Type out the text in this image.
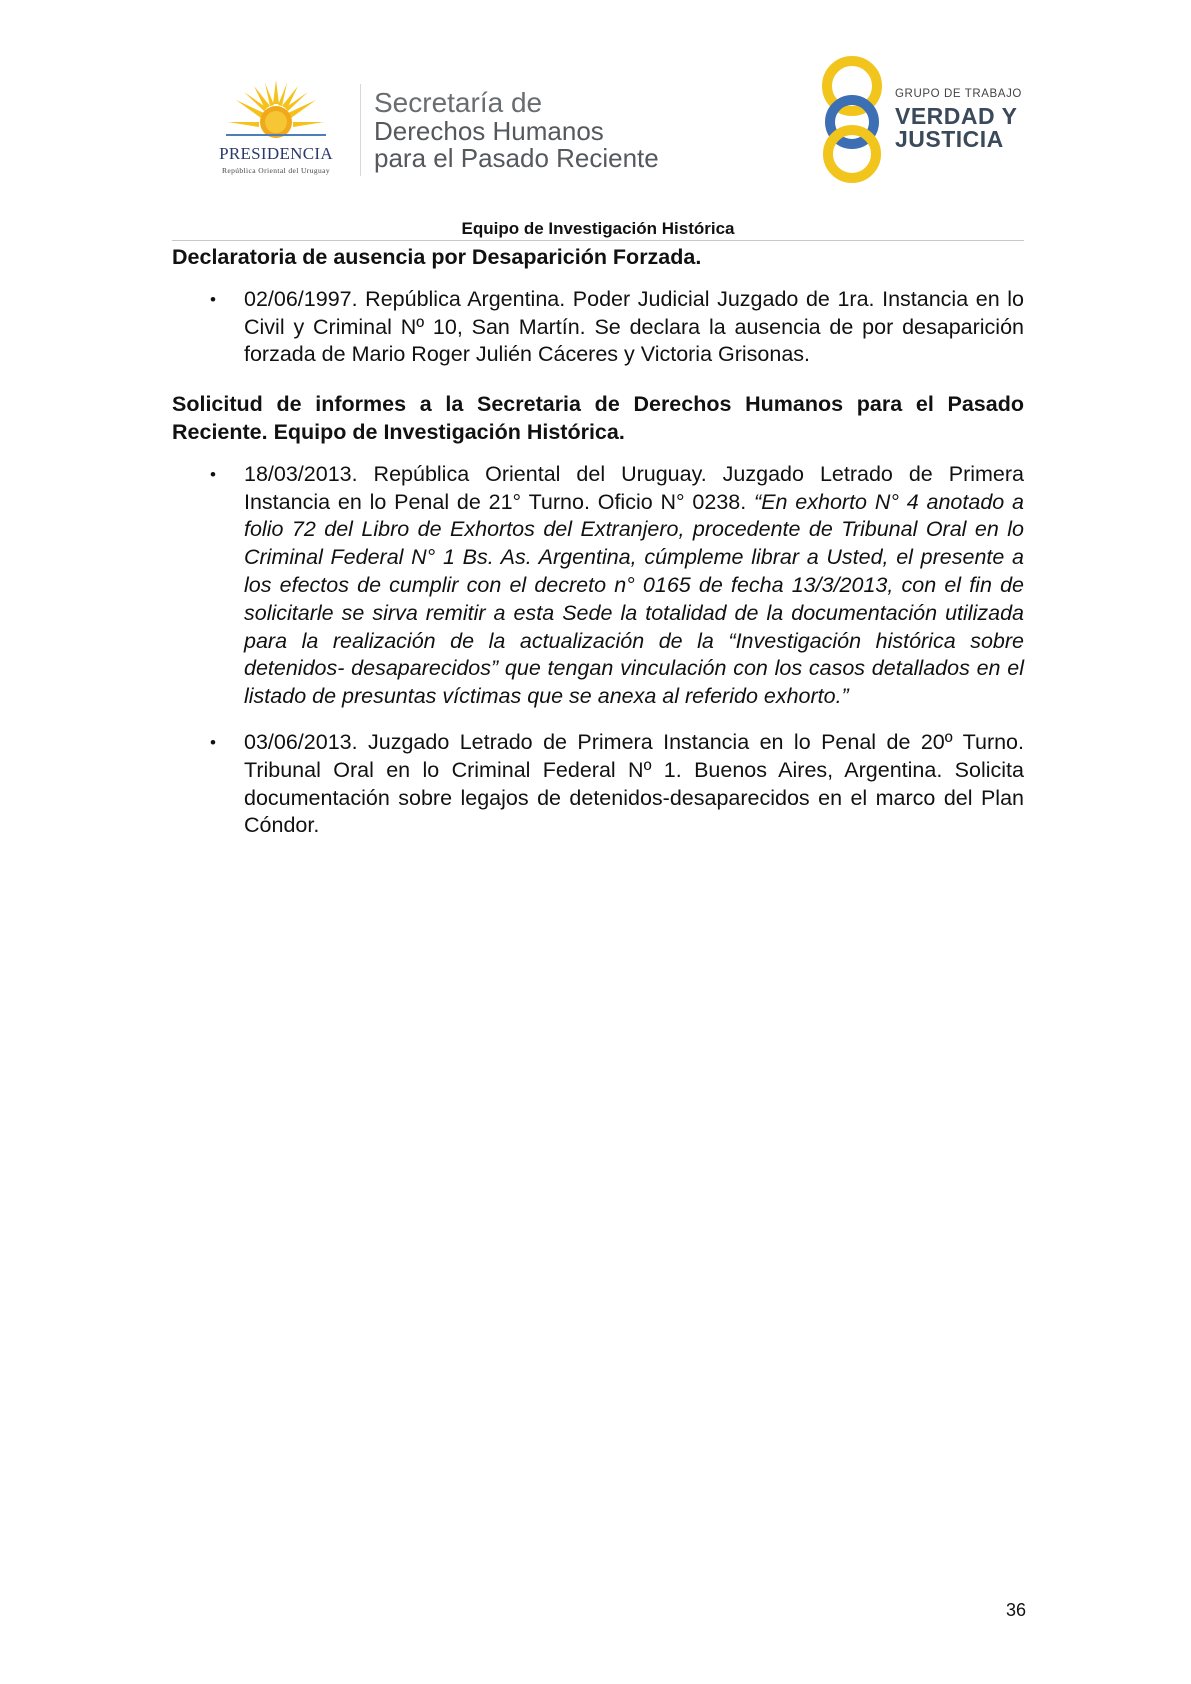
PRESIDENCIA
República Oriental del Uruguay
Secretaría de
Derechos Humanos
para el Pasado Reciente
GRUPO DE TRABAJO
VERDAD Y
JUSTICIA
Equipo de Investigación Histórica

Declaratoria de ausencia por Desaparición Forzada.

• 02/06/1997. República Argentina. Poder Judicial Juzgado de 1ra. Instancia en lo Civil y Criminal Nº 10, San Martín. Se declara la ausencia de por desaparición forzada de Mario Roger Julién Cáceres y Victoria Grisonas.

Solicitud de informes a la Secretaria de Derechos Humanos para el Pasado Reciente. Equipo de Investigación Histórica.

• 18/03/2013. República Oriental del Uruguay. Juzgado Letrado de Primera Instancia en lo Penal de 21° Turno. Oficio N° 0238. “En exhorto N° 4 anotado a folio 72 del Libro de Exhortos del Extranjero, procedente de Tribunal Oral en lo Criminal Federal N° 1 Bs. As. Argentina, cúmpleme librar a Usted, el presente a los efectos de cumplir con el decreto n° 0165 de fecha 13/3/2013, con el fin de solicitarle se sirva remitir a esta Sede la totalidad de la documentación utilizada para la realización de la actualización de la “Investigación histórica sobre detenidos- desaparecidos” que tengan vinculación con los casos detallados en el listado de presuntas víctimas que se anexa al referido exhorto.”
• 03/06/2013. Juzgado Letrado de Primera Instancia en lo Penal de 20º Turno. Tribunal Oral en lo Criminal Federal Nº 1. Buenos Aires, Argentina. Solicita documentación sobre legajos de detenidos-desaparecidos en el marco del Plan Cóndor.
36
